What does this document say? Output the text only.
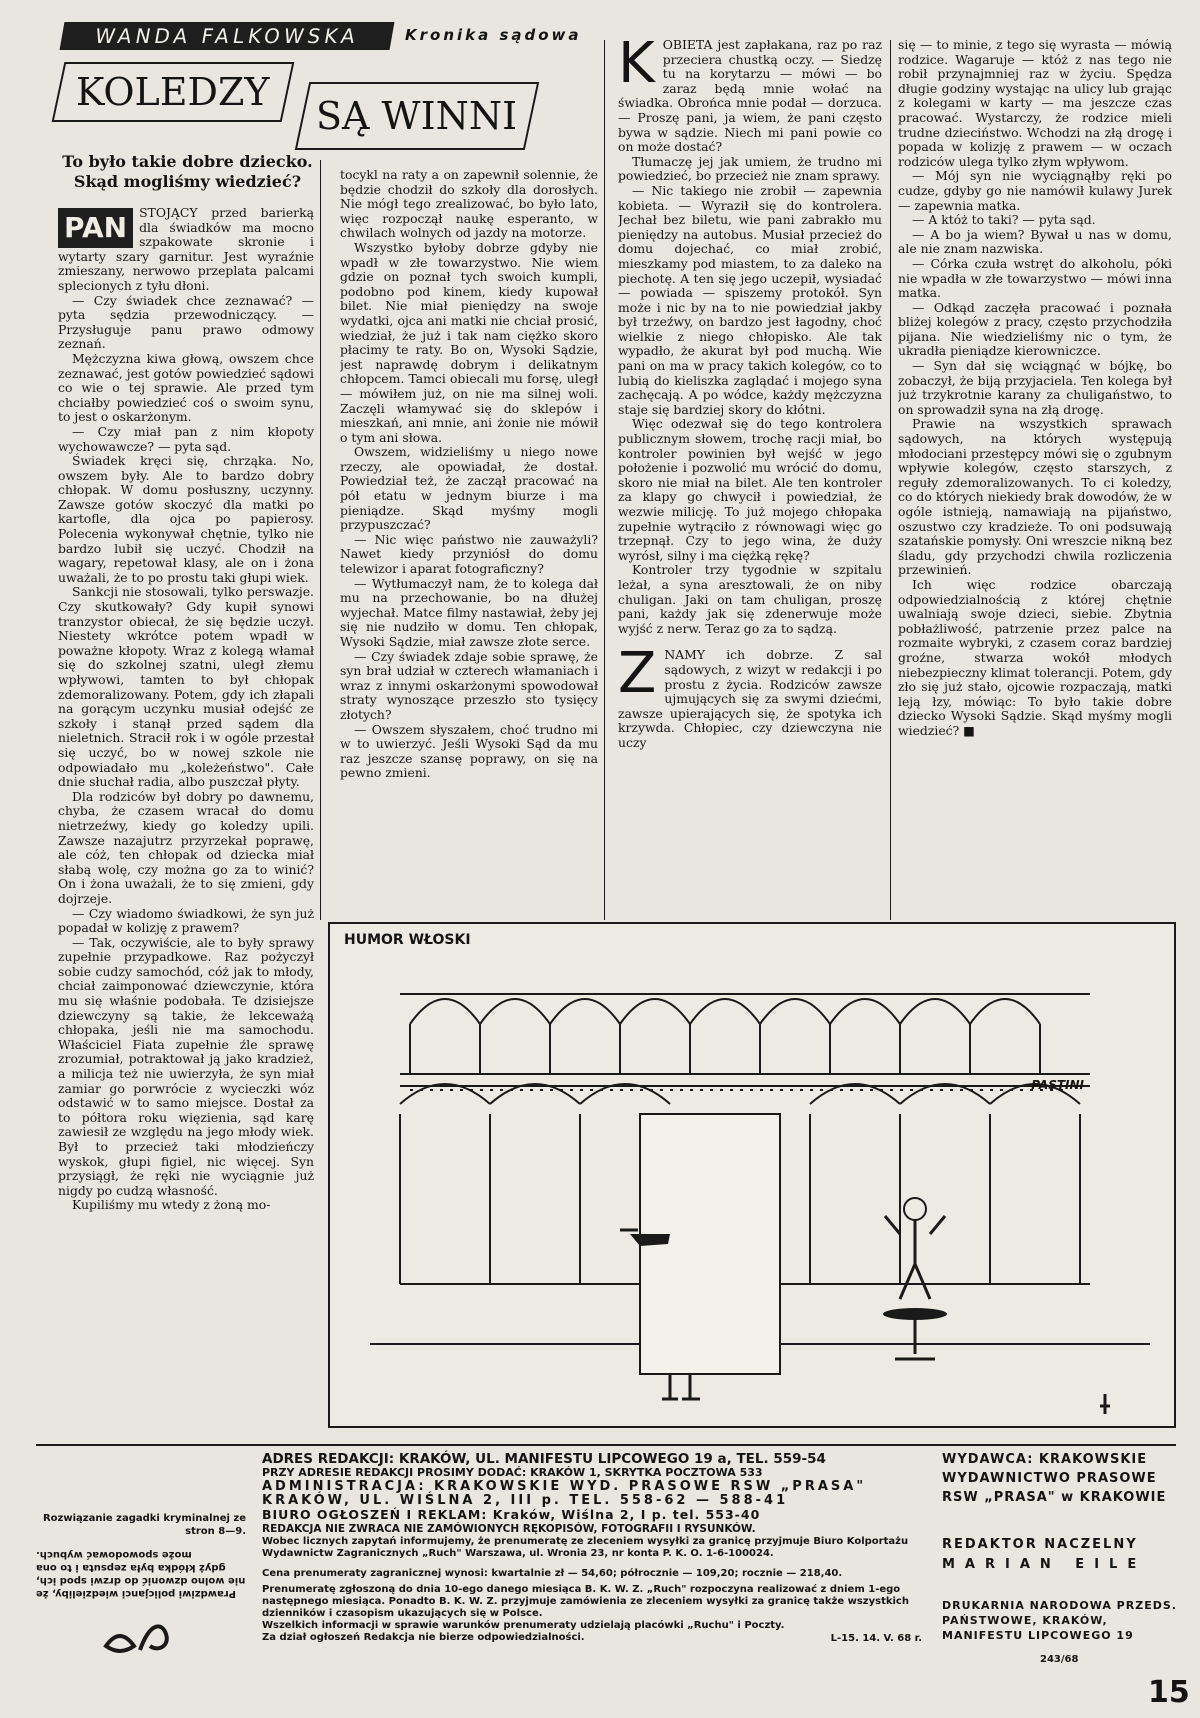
WANDA FALKOWSKA	Kronika sądowa
KOLEDZY
SĄ WINNI
To było takie dobre dziecko.
Skąd mogliśmy wiedzieć?
PAN STOJĄCY przed barierką dla świadków ma mocno szpakowate skronie i wytarty szary garnitur. Jest wyraźnie zmieszany, nerwowo przeplata palcami splecionych z tyłu dłoni.

— Czy świadek chce zeznawać? — pyta sędzia przewodniczący. — Przysługuje panu prawo odmowy zeznań.

Mężczyzna kiwa głową, owszem chce zeznawać, jest gotów powiedzieć sądowi co wie o tej sprawie. Ale przed tym chciałby powiedzieć coś o swoim synu, to jest o oskarżonym.

— Czy miał pan z nim kłopoty wychowawcze? — pyta sąd.

Świadek kręci się, chrząka. No, owszem były. Ale to bardzo dobry chłopak. W domu posłuszny, uczynny. Zawsze gotów skoczyć dla matki po kartofle, dla ojca po papierosy. Polecenia wykonywał chętnie, tylko nie bardzo lubił się uczyć. Chodził na wagary, repetował klasy, ale on i żona uważali, że to po prostu taki głupi wiek.

Sankcji nie stosowali, tylko perswazje. Czy skutkowały? Gdy kupił synowi tranzystor obiecał, że się będzie uczył. Niestety wkrótce potem wpadł w poważne kłopoty. Wraz z kolegą włamał się do szkolnej szatni, uległ złemu wpływowi, tamten to był chłopak zdemoralizowany. Potem, gdy ich złapali na gorącym uczynku musiał odejść ze szkoły i stanął przed sądem dla nieletnich. Stracił rok i w ogóle przestał się uczyć, bo w nowej szkole nie odpowiadało mu „koleżeństwo". Całe dnie słuchał radia, albo puszczał płyty.

Dla rodziców był dobry po dawnemu, chyba, że czasem wracał do domu nietrzeźwy, kiedy go koledzy upili. Zawsze nazajutrz przyrzekał poprawę, ale cóż, ten chłopak od dziecka miał słabą wolę, czy można go za to winić? On i żona uważali, że to się zmieni, gdy dojrzeje.

— Czy wiadomo świadkowi, że syn już popadał w kolizję z prawem?

— Tak, oczywiście, ale to były sprawy zupełnie przypadkowe. Raz pożyczył sobie cudzy samochód, cóż jak to młody, chciał zaimponować dziewczynie, która mu się właśnie podobała. Te dzisiejsze dziewczyny są takie, że lekceważą chłopaka, jeśli nie ma samochodu. Właściciel Fiata zupełnie źle sprawę zrozumiał, potraktował ją jako kradzież, a milicja też nie uwierzyła, że syn miał zamiar go porwrócie z wycieczki wóz odstawić w to samo miejsce. Dostał za to półtora roku więzienia, sąd karę zawiesił ze względu na jego młody wiek. Był to przecież taki młodzieńczy wyskok, głupi figiel, nic więcej. Syn przysiągł, że ręki nie wyciągnie już nigdy po cudzą własność.

Kupiliśmy mu wtedy z żoną mo-

tocykl na raty a on zapewnił solennie, że będzie chodził do szkoły dla dorosłych. Nie mógł tego zrealizować, bo było lato, więc rozpoczął naukę esperanto, w chwilach wolnych od jazdy na motorze.

Wszystko byłoby dobrze gdyby nie wpadł w złe towarzystwo. Nie wiem gdzie on poznał tych swoich kumpli, podobno pod kinem, kiedy kupował bilet. Nie miał pieniędzy na swoje wydatki, ojca ani matki nie chciał prosić, wiedział, że już i tak nam ciężko skoro płacimy te raty. Bo on, Wysoki Sądzie, jest naprawdę dobrym i delikatnym chłopcem. Tamci obiecali mu forsę, uległ — mówiłem już, on nie ma silnej woli. Zaczęli włamywać się do sklepów i mieszkań, ani mnie, ani żonie nie mówił o tym ani słowa.

Owszem, widzieliśmy u niego nowe rzeczy, ale opowiadał, że dostał. Powiedział też, że zaczął pracować na pół etatu w jednym biurze i ma pieniądze. Skąd myśmy mogli przypuszczać?

— Nic więc państwo nie zauważyli? Nawet kiedy przyniósł do domu telewizor i aparat fotograficzny?

— Wytłumaczył nam, że to kolega dał mu na przechowanie, bo na dłużej wyjechał. Matce filmy nastawiał, żeby jej się nie nudziło w domu. Ten chłopak, Wysoki Sądzie, miał zawsze złote serce.

— Czy świadek zdaje sobie sprawę, że syn brał udział w czterech włamaniach i wraz z innymi oskarżonymi spowodował straty wynoszące przeszło sto tysięcy złotych?

— Owszem słyszałem, choć trudno mi w to uwierzyć. Jeśli Wysoki Sąd da mu raz jeszcze szansę poprawy, on się na pewno zmieni.

K OBIETA jest zapłakana, raz po raz przeciera chustką oczy. — Siedzę tu na korytarzu — mówi — bo zaraz będą mnie wołać na świadka. Obrońca mnie podał — dorzuca. — Proszę pani, ja wiem, że pani często bywa w sądzie. Niech mi pani powie co on może dostać?

Tłumaczę jej jak umiem, że trudno mi powiedzieć, bo przecież nie znam sprawy.

— Nic takiego nie zrobił — zapewnia kobieta. — Wyraził się do kontrolera. Jechał bez biletu, wie pani zabrakło mu pieniędzy na autobus. Musiał przecież do domu dojechać, co miał zrobić, mieszkamy pod miastem, to za daleko na piechotę. A ten się jego uczepił, wysiadać — powiada — spiszemy protokół. Syn może i nic by na to nie powiedział jakby był trzeźwy, on bardzo jest łagodny, choć wielkie z niego chłopisko. Ale tak wypadło, że akurat był pod muchą. Wie pani on ma w pracy takich kolegów, co to lubią do kieliszka zaglądać i mojego syna zachęcają. A po wódce, każdy mężczyzna staje się bardziej skory do kłótni.

Więc odezwał się do tego kontrolera publicznym słowem, trochę racji miał, bo kontroler powinien był wejść w jego położenie i pozwolić mu wrócić do domu, skoro nie miał na bilet. Ale ten kontroler za klapy go chwycił i powiedział, że wezwie milicję. To już mojego chłopaka zupełnie wytrąciło z równowagi więc go trzepnął. Czy to jego wina, że duży wyrósł, silny i ma ciężką rękę?

Kontroler trzy tygodnie w szpitalu leżał, a syna aresztowali, że on niby chuligan. Jaki on tam chuligan, proszę pani, każdy jak się zdenerwuje może wyjść z nerw. Teraz go za to sądzą.

Z NAMY ich dobrze. Z sal sądowych, z wizyt w redakcji i po prostu z życia. Rodziców zawsze ujmujących się za swymi dziećmi, zawsze upierających się, że spotyka ich krzywda. Chłopiec, czy dziewczyna nie uczy

się — to minie, z tego się wyrasta — mówią rodzice. Wagaruje — któż z nas tego nie robił przynajmniej raz w życiu. Spędza długie godziny wystając na ulicy lub grając z kolegami w karty — ma jeszcze czas pracować. Wystarczy, że rodzice mieli trudne dzieciństwo. Wchodzi na złą drogę i popada w kolizję z prawem — w oczach rodziców ulega tylko złym wpływom.

— Mój syn nie wyciągnąłby ręki po cudze, gdyby go nie namówił kulawy Jurek — zapewnia matka.

— A któż to taki? — pyta sąd.

— A bo ja wiem? Bywał u nas w domu, ale nie znam nazwiska.

— Córka czuła wstręt do alkoholu, póki nie wpadła w złe towarzystwo — mówi inna matka.

— Odkąd zaczęła pracować i poznała bliżej kolegów z pracy, często przychodziła pijana. Nie wiedzieliśmy nic o tym, że ukradła pieniądze kierowniczce.

— Syn dał się wciągnąć w bójkę, bo zobaczył, że biją przyjaciela. Ten kolega był już trzykrotnie karany za chuligaństwo, to on sprowadził syna na złą drogę.

Prawie na wszystkich sprawach sądowych, na których występują młodociani przestępcy mówi się o zgubnym wpływie kolegów, często starszych, z reguły zdemoralizowanych. To ci koledzy, co do których niekiedy brak dowodów, że w ogóle istnieją, namawiają na pijaństwo, oszustwo czy kradzieże. To oni podsuwają szatańskie pomysły. Oni wreszcie nikną bez śladu, gdy przychodzi chwila rozliczenia przewinień.

Ich więc rodzice obarczają odpowiedzialnością z której chętnie uwalniają swoje dzieci, siebie. Zbytnia pobłażliwość, patrzenie przez palce na rozmaite wybryki, z czasem coraz bardziej groźne, stwarza wokół młodych niebezpieczny klimat tolerancji. Potem, gdy zło się już stało, ojcowie rozpaczają, matki leją łzy, mówiąc: To było takie dobre dziecko Wysoki Sądzie. Skąd myśmy mogli wiedzieć? ■

HUMOR WŁOSKI
PASTINI
Rozwiązanie zagadki kryminalnej ze stron 8—9.
Prawdziwi policjanci wiedzieliby, że nie wolno dzwonić do drzwi spod ich, gdyż kłódka była zepsuta i to ona może spowodować wybuch.
ADRES REDAKCJI: KRAKÓW, UL. MANIFESTU LIPCOWEGO 19 a, TEL. 559-54
PRZY ADRESIE REDAKCJI PROSIMY DODAĆ: KRAKÓW 1, SKRYTKA POCZTOWA 533
ADMINISTRACJA: KRAKOWSKIE WYD. PRASOWE RSW „PRASA"
KRAKÓW, UL. WIŚLNA 2, III p. TEL. 558-62 — 588-41
BIURO OGŁOSZEŃ I REKLAM: Kraków, Wiślna 2, I p. tel. 553-40
REDAKCJA NIE ZWRACA NIE ZAMÓWIONYCH RĘKOPISÓW, FOTOGRAFII I RYSUNKÓW.
Wobec licznych zapytań informujemy, że prenumeratę ze zleceniem wysyłki za granicę przyjmuje Biuro Kolportażu Wydawnictw Zagranicznych „Ruch" Warszawa, ul. Wronia 23, nr konta P. K. O. 1-6-100024.
Cena prenumeraty zagranicznej wynosi: kwartalnie zł — 54,60; półrocznie — 109,20; rocznie — 218,40.
Prenumeratę zgłoszoną do dnia 10-ego danego miesiąca B. K. W. Z. „Ruch" rozpoczyna realizować z dniem 1-ego następnego miesiąca. Ponadto B. K. W. Z. przyjmuje zamówienia ze zleceniem wysyłki za granicę także wszystkich dzienników i czasopism ukazujących się w Polsce.
Wszelkich informacji w sprawie warunków prenumeraty udzielają placówki „Ruchu" i Poczty.
Za dział ogłoszeń Redakcja nie bierze odpowiedzialności.	L-15. 14. V. 68 r.
WYDAWCA: KRAKOWSKIE WYDAWNICTWO PRASOWE RSW „PRASA" w KRAKOWIE
REDAKTOR NACZELNY
MARIAN EILE
DRUKARNIA NARODOWA PRZEDS. PAŃSTWOWE, KRAKÓW, MANIFESTU LIPCOWEGO 19
243/68
15
